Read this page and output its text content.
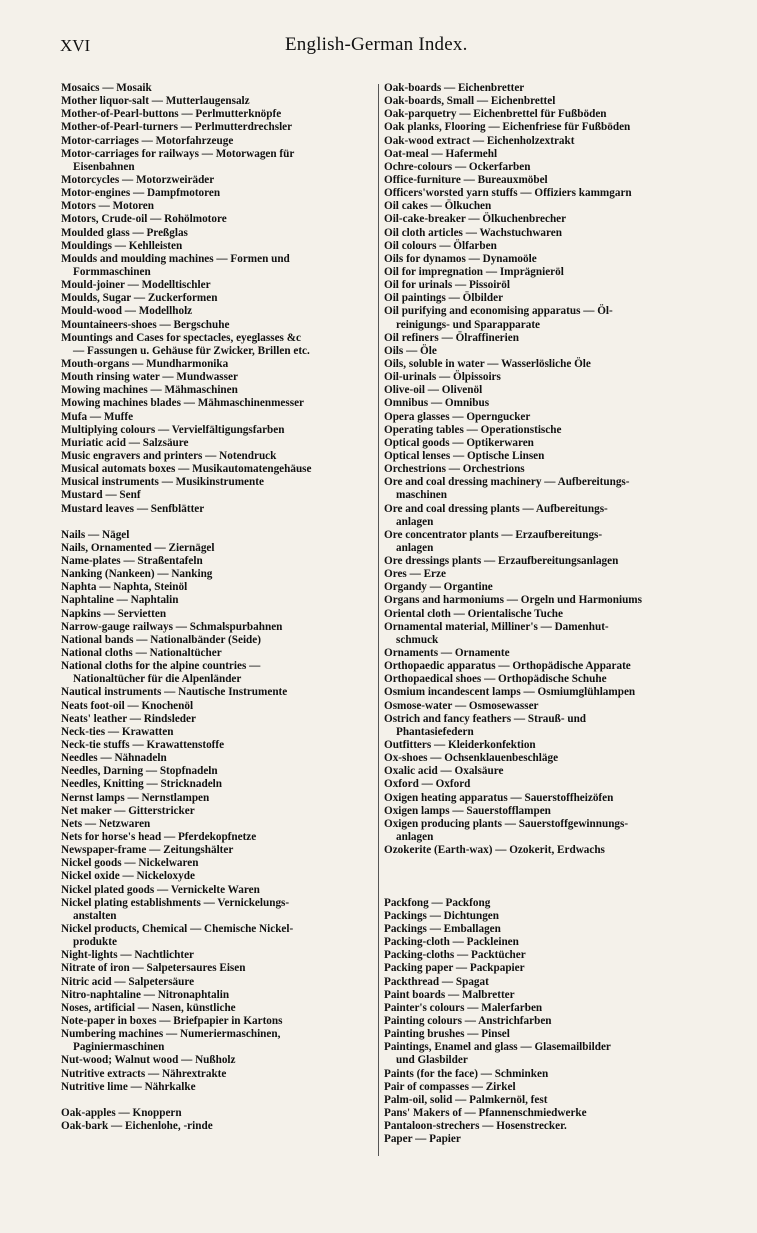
XVI	English-German Index.
Mosaics — Mosaik
Mother liquor-salt — Mutterlaugensalz
Mother-of-Pearl-buttons — Perlmutterknöpfe
Mother-of-Pearl-turners — Perlmutterdrechsler
Motor-carriages — Motorfahrzeuge
Motor-carriages for railways — Motorwagen für
Eisenbahnen
Motorcycles — Motorzweiräder
Motor-engines — Dampfmotoren
Motors — Motoren
Motors, Crude-oil — Rohölmotore
Moulded glass — Preßglas
Mouldings — Kehlleisten
Moulds and moulding machines — Formen und
Formmaschinen
Mould-joiner — Modelltischler
Moulds, Sugar — Zuckerformen
Mould-wood — Modellholz
Mountaineers-shoes — Bergschuhe
Mountings and Cases for spectacles, eyeglasses &c
— Fassungen u. Gehäuse für Zwicker, Brillen etc.
Mouth-organs — Mundharmonika
Mouth rinsing water — Mundwasser
Mowing machines — Mähmaschinen
Mowing machines blades — Mähmaschinenmesser
Mufa — Muffe
Multiplying colours — Vervielfältigungsfarben
Muriatic acid — Salzsäure
Music engravers and printers — Notendruck
Musical automats boxes — Musikautomatengehäuse
Musical instruments — Musikinstrumente
Mustard — Senf
Mustard leaves — Senfblätter
Nails — Nägel
Nails, Ornamented — Ziernägel
Name-plates — Straßentafeln
Nanking (Nankeen) — Nanking
Naphta — Naphta, Steinöl
Naphtaline — Naphtalin
Napkins — Servietten
Narrow-gauge railways — Schmalspurbahnen
National bands — Nationalbänder (Seide)
National cloths — Nationaltücher
National cloths for the alpine countries —
Nationaltücher für die Alpenländer
Nautical instruments — Nautische Instrumente
Neats foot-oil — Knochenöl
Neats' leather — Rindsleder
Neck-ties — Krawatten
Neck-tie stuffs — Krawattenstoffe
Needles — Nähnadeln
Needles, Darning — Stopfnadeln
Needles, Knitting — Stricknadeln
Nernst lamps — Nernstlampen
Net maker — Gitterstricker
Nets — Netzwaren
Nets for horse's head — Pferdekopfnetze
Newspaper-frame — Zeitungshälter
Nickel goods — Nickelwaren
Nickel oxide — Nickeloxyde
Nickel plated goods — Vernickelte Waren
Nickel plating establishments — Vernickelungs-
anstalten
Nickel products, Chemical — Chemische Nickel-
produkte
Night-lights — Nachtlichter
Nitrate of iron — Salpetersaures Eisen
Nitric acid — Salpetersäure
Nitro-naphtaline — Nitronaphtalin
Noses, artificial — Nasen, künstliche
Note-paper in boxes — Briefpapier in Kartons
Numbering machines — Numeriermaschinen,
Paginiermaschinen
Nut-wood; Walnut wood — Nußholz
Nutritive extracts — Nährextrakte
Nutritive lime — Nährkalke
Oak-apples — Knoppern
Oak-bark — Eichenlohe, -rinde
Oak-boards — Eichenbretter
Oak-boards, Small — Eichenbrettel
Oak-parquetry — Eichenbrettel für Fußböden
Oak planks, Flooring — Eichenfriese für Fußböden
Oak-wood extract — Eichenholzextrakt
Oat-meal — Hafermehl
Ochre-colours — Ockerfarben
Office-furniture — Bureauxmöbel
Officers'worsted yarn stuffs — Offiziers kammgarn
Oil cakes — Ölkuchen
Oil-cake-breaker — Ölkuchenbrecher
Oil cloth articles — Wachstuchwaren
Oil colours — Ölfarben
Oils for dynamos — Dynamoöle
Oil for impregnation — Imprägnieröl
Oil for urinals — Pissoiröl
Oil paintings — Ölbilder
Oil purifying and economising apparatus — Öl-
reinigungs- und Sparapparate
Oil refiners — Ölraffinerien
Oils — Öle
Oils, soluble in water — Wasserlösliche Öle
Oil-urinals — Ölpissoirs
Olive-oil — Olivenöl
Omnibus — Omnibus
Opera glasses — Operngucker
Operating tables — Operationstische
Optical goods — Optikerwaren
Optical lenses — Optische Linsen
Orchestrions — Orchestrions
Ore and coal dressing machinery — Aufbereitungs-
maschinen
Ore and coal dressing plants — Aufbereitungs-
anlagen
Ore concentrator plants — Erzaufbereitungs-
anlagen
Ore dressings plants — Erzaufbereitungsanlagen
Ores — Erze
Organdy — Organtine
Organs and harmoniums — Orgeln und Harmoniums
Oriental cloth — Orientalische Tuche
Ornamental material, Milliner's — Damenhut-
schmuck
Ornaments — Ornamente
Orthopaedic apparatus — Orthopädische Apparate
Orthopaedical shoes — Orthopädische Schuhe
Osmium incandescent lamps — Osmiumglühlampen
Osmose-water — Osmosewasser
Ostrich and fancy feathers — Strauß- und
Phantasiefedern
Outfitters — Kleiderkonfektion
Ox-shoes — Ochsenklauenbeschläge
Oxalic acid — Oxalsäure
Oxford — Oxford
Oxigen heating apparatus — Sauerstoffheizöfen
Oxigen lamps — Sauerstofflampen
Oxigen producing plants — Sauerstoffgewinnungs-
anlagen
Ozokerite (Earth-wax) — Ozokerit, Erdwachs
Packfong — Packfong
Packings — Dichtungen
Packings — Emballagen
Packing-cloth — Packleinen
Packing-cloths — Packtücher
Packing paper — Packpapier
Packthread — Spagat
Paint boards — Malbretter
Painter's colours — Malerfarben
Painting colours — Anstrichfarben
Painting brushes — Pinsel
Paintings, Enamel and glass — Glasemailbilder
und Glasbilder
Paints (for the face) — Schminken
Pair of compasses — Zirkel
Palm-oil, solid — Palmkernöl, fest
Pans' Makers of — Pfannenschmiedwerke
Pantaloon-strechers — Hosenstrecker.
Paper — Papier
